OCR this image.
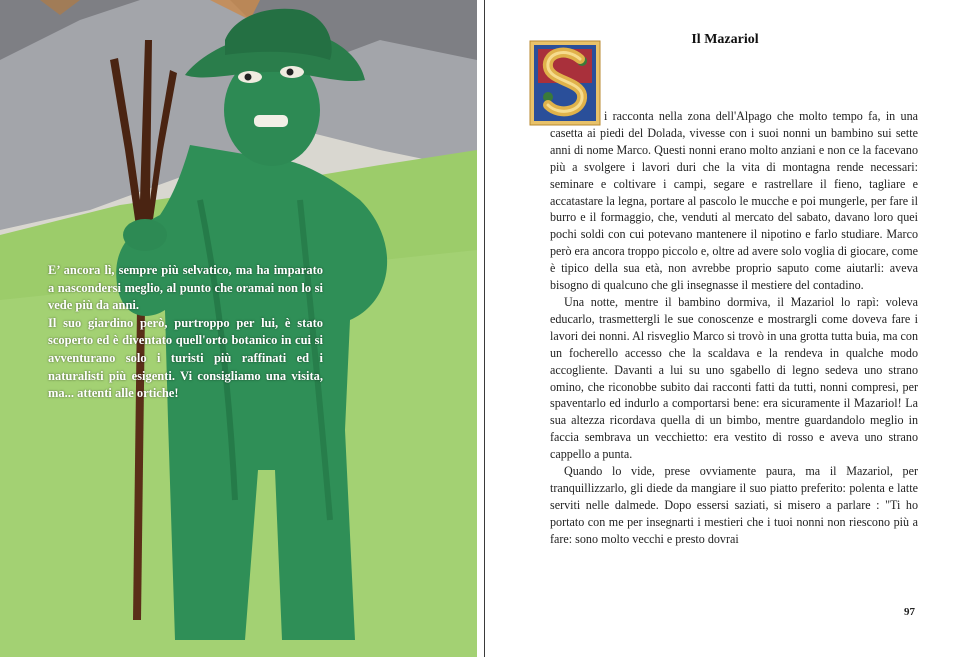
E’ ancora lì, sempre più selvatico, ma ha imparato a nascondersi meglio, al punto che oramai non lo si vede più da anni.

Il suo giardino però, purtroppo per lui, è stato scoperto ed è diventato quell'orto botanico in cui si avventurano solo i turisti più raffinati ed i naturalisti più esigenti. Vi consigliamo una visita, ma... attenti alle ortiche!

Il Mazariol

i racconta nella zona dell'Alpago che molto tempo fa, in una casetta ai piedi del Dolada, vivesse con i suoi nonni un bambino sui sette anni di nome Marco. Questi nonni erano molto anziani e non ce la facevano più a svolgere i lavori duri che la vita di montagna rende necessari: seminare e coltivare i campi, segare e rastrellare il fieno, tagliare e accatastare la legna, portare al pascolo le mucche e poi mungerle, per fare il burro e il formaggio, che, venduti al mercato del sabato, davano loro quei pochi soldi con cui potevano mantenere il nipotino e farlo studiare. Marco però era ancora troppo piccolo e, oltre ad avere solo voglia di giocare, come è tipico della sua età, non avrebbe proprio saputo come aiutarli: aveva bisogno di qualcuno che gli insegnasse il mestiere del contadino.

Una notte, mentre il bambino dormiva, il Mazariol lo rapì: voleva educarlo, trasmettergli le sue conoscenze e mostrargli come doveva fare i lavori dei nonni. Al risveglio Marco si trovò in una grotta tutta buia, ma con un focherello accesso che la scaldava e la rendeva in qualche modo accogliente. Davanti a lui su uno sgabello di legno sedeva uno strano omino, che riconobbe subito dai racconti fatti da tutti, nonni compresi, per spaventarlo ed indurlo a comportarsi bene: era sicuramente il Mazariol! La sua altezza ricordava quella di un bimbo, mentre guardandolo meglio in faccia sembrava un vecchietto: era vestito di rosso e aveva uno strano cappello a punta.

Quando lo vide, prese ovviamente paura, ma il Mazariol, per tranquillizzarlo, gli diede da mangiare il suo piatto preferito: polenta e latte serviti nelle dalmede. Dopo essersi saziati, si misero a parlare : "Ti ho portato con me per insegnarti i mestieri che i tuoi nonni non riescono più a fare: sono molto vecchi e presto dovrai

97
